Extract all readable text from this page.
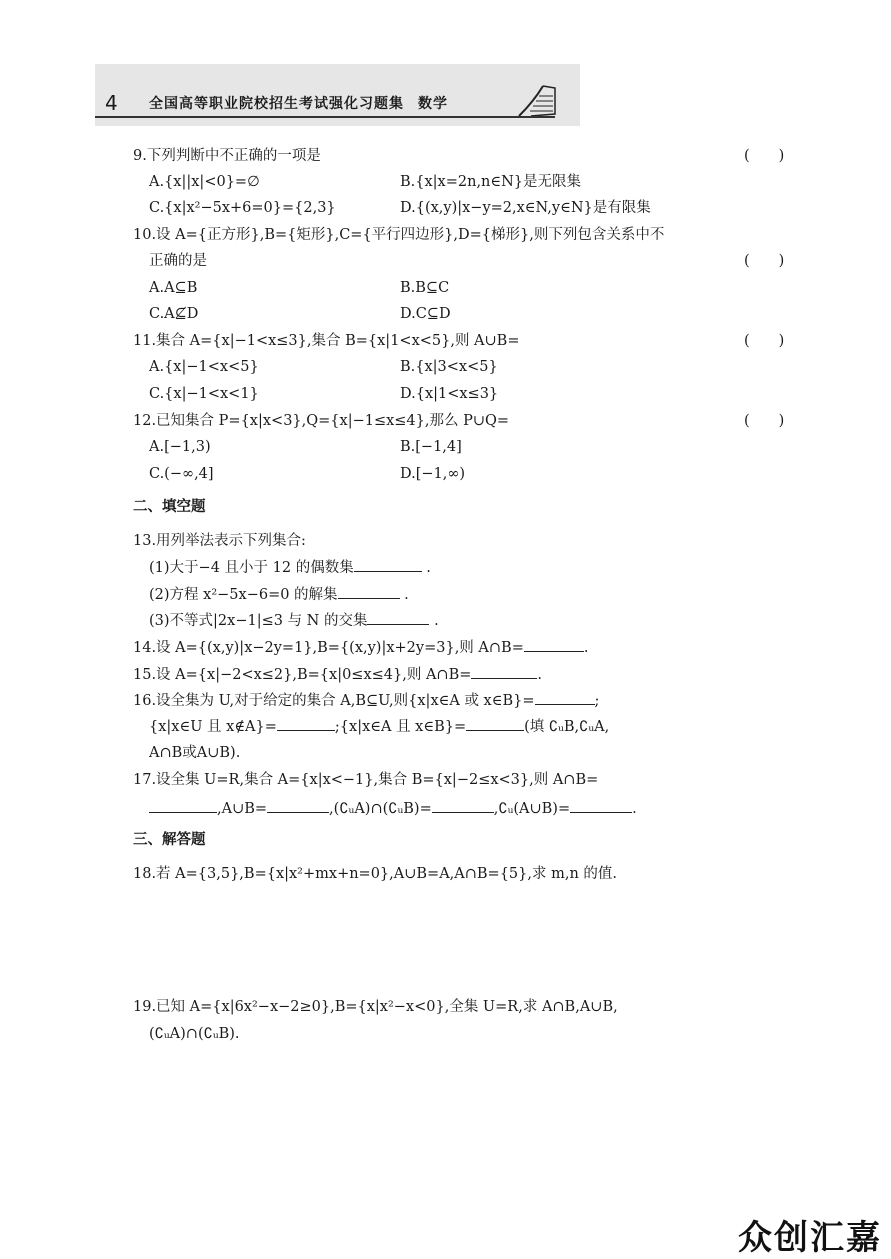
4 全国高等职业院校招生考试强化习题集 数学
9.下列判断中不正确的一项是	(　　)
A.{x||x|<0}=∅	B.{x|x=2n,n∈N}是无限集
C.{x|x²−5x+6=0}={2,3}	D.{(x,y)|x−y=2,x∈N,y∈N}是有限集
10.设 A={正方形},B={矩形},C={平行四边形},D={梯形},则下列包含关系中不
正确的是	(　　)
A.A⊆B	B.B⊆C
C.A⊈D	D.C⊆D
11.集合 A={x|−1<x≤3},集合 B={x|1<x<5},则 A∪B=	(　　)
A.{x|−1<x<5}	B.{x|3<x<5}
C.{x|−1<x<1}	D.{x|1<x≤3}
12.已知集合 P={x|x<3},Q={x|−1≤x≤4},那么 P∪Q=	(　　)
A.[−1,3)	B.[−1,4]
C.(−∞,4]	D.[−1,∞)
二、填空题
13.用列举法表示下列集合:
(1)大于−4 且小于 12 的偶数集	.
(2)方程 x²−5x−6=0 的解集	.
(3)不等式|2x−1|≤3 与 N 的交集	.
14.设 A={(x,y)|x−2y=1},B={(x,y)|x+2y=3},则 A∩B=	.
15.设 A={x|−2<x≤2},B={x|0≤x≤4},则 A∩B=	.
16.设全集为 U,对于给定的集合 A,B⊆U,则{x|x∈A 或 x∈B}=	;
{x|x∈U 且 x∉A}=	;{x|x∈A 且 x∈B}=	(填 ∁ᵤB,∁ᵤA,
A∩B或A∪B).
17.设全集 U=R,集合 A={x|x<−1},集合 B={x|−2≤x<3},则 A∩B=
,A∪B=	,(∁ᵤA)∩(∁ᵤB)=	,∁ᵤ(A∪B)=	.
三、解答题
18.若 A={3,5},B={x|x²+mx+n=0},A∪B=A,A∩B={5},求 m,n 的值.
19.已知 A={x|6x²−x−2≥0},B={x|x²−x<0},全集 U=R,求 A∩B,A∪B,
(∁ᵤA)∩(∁ᵤB).
众创汇嘉
